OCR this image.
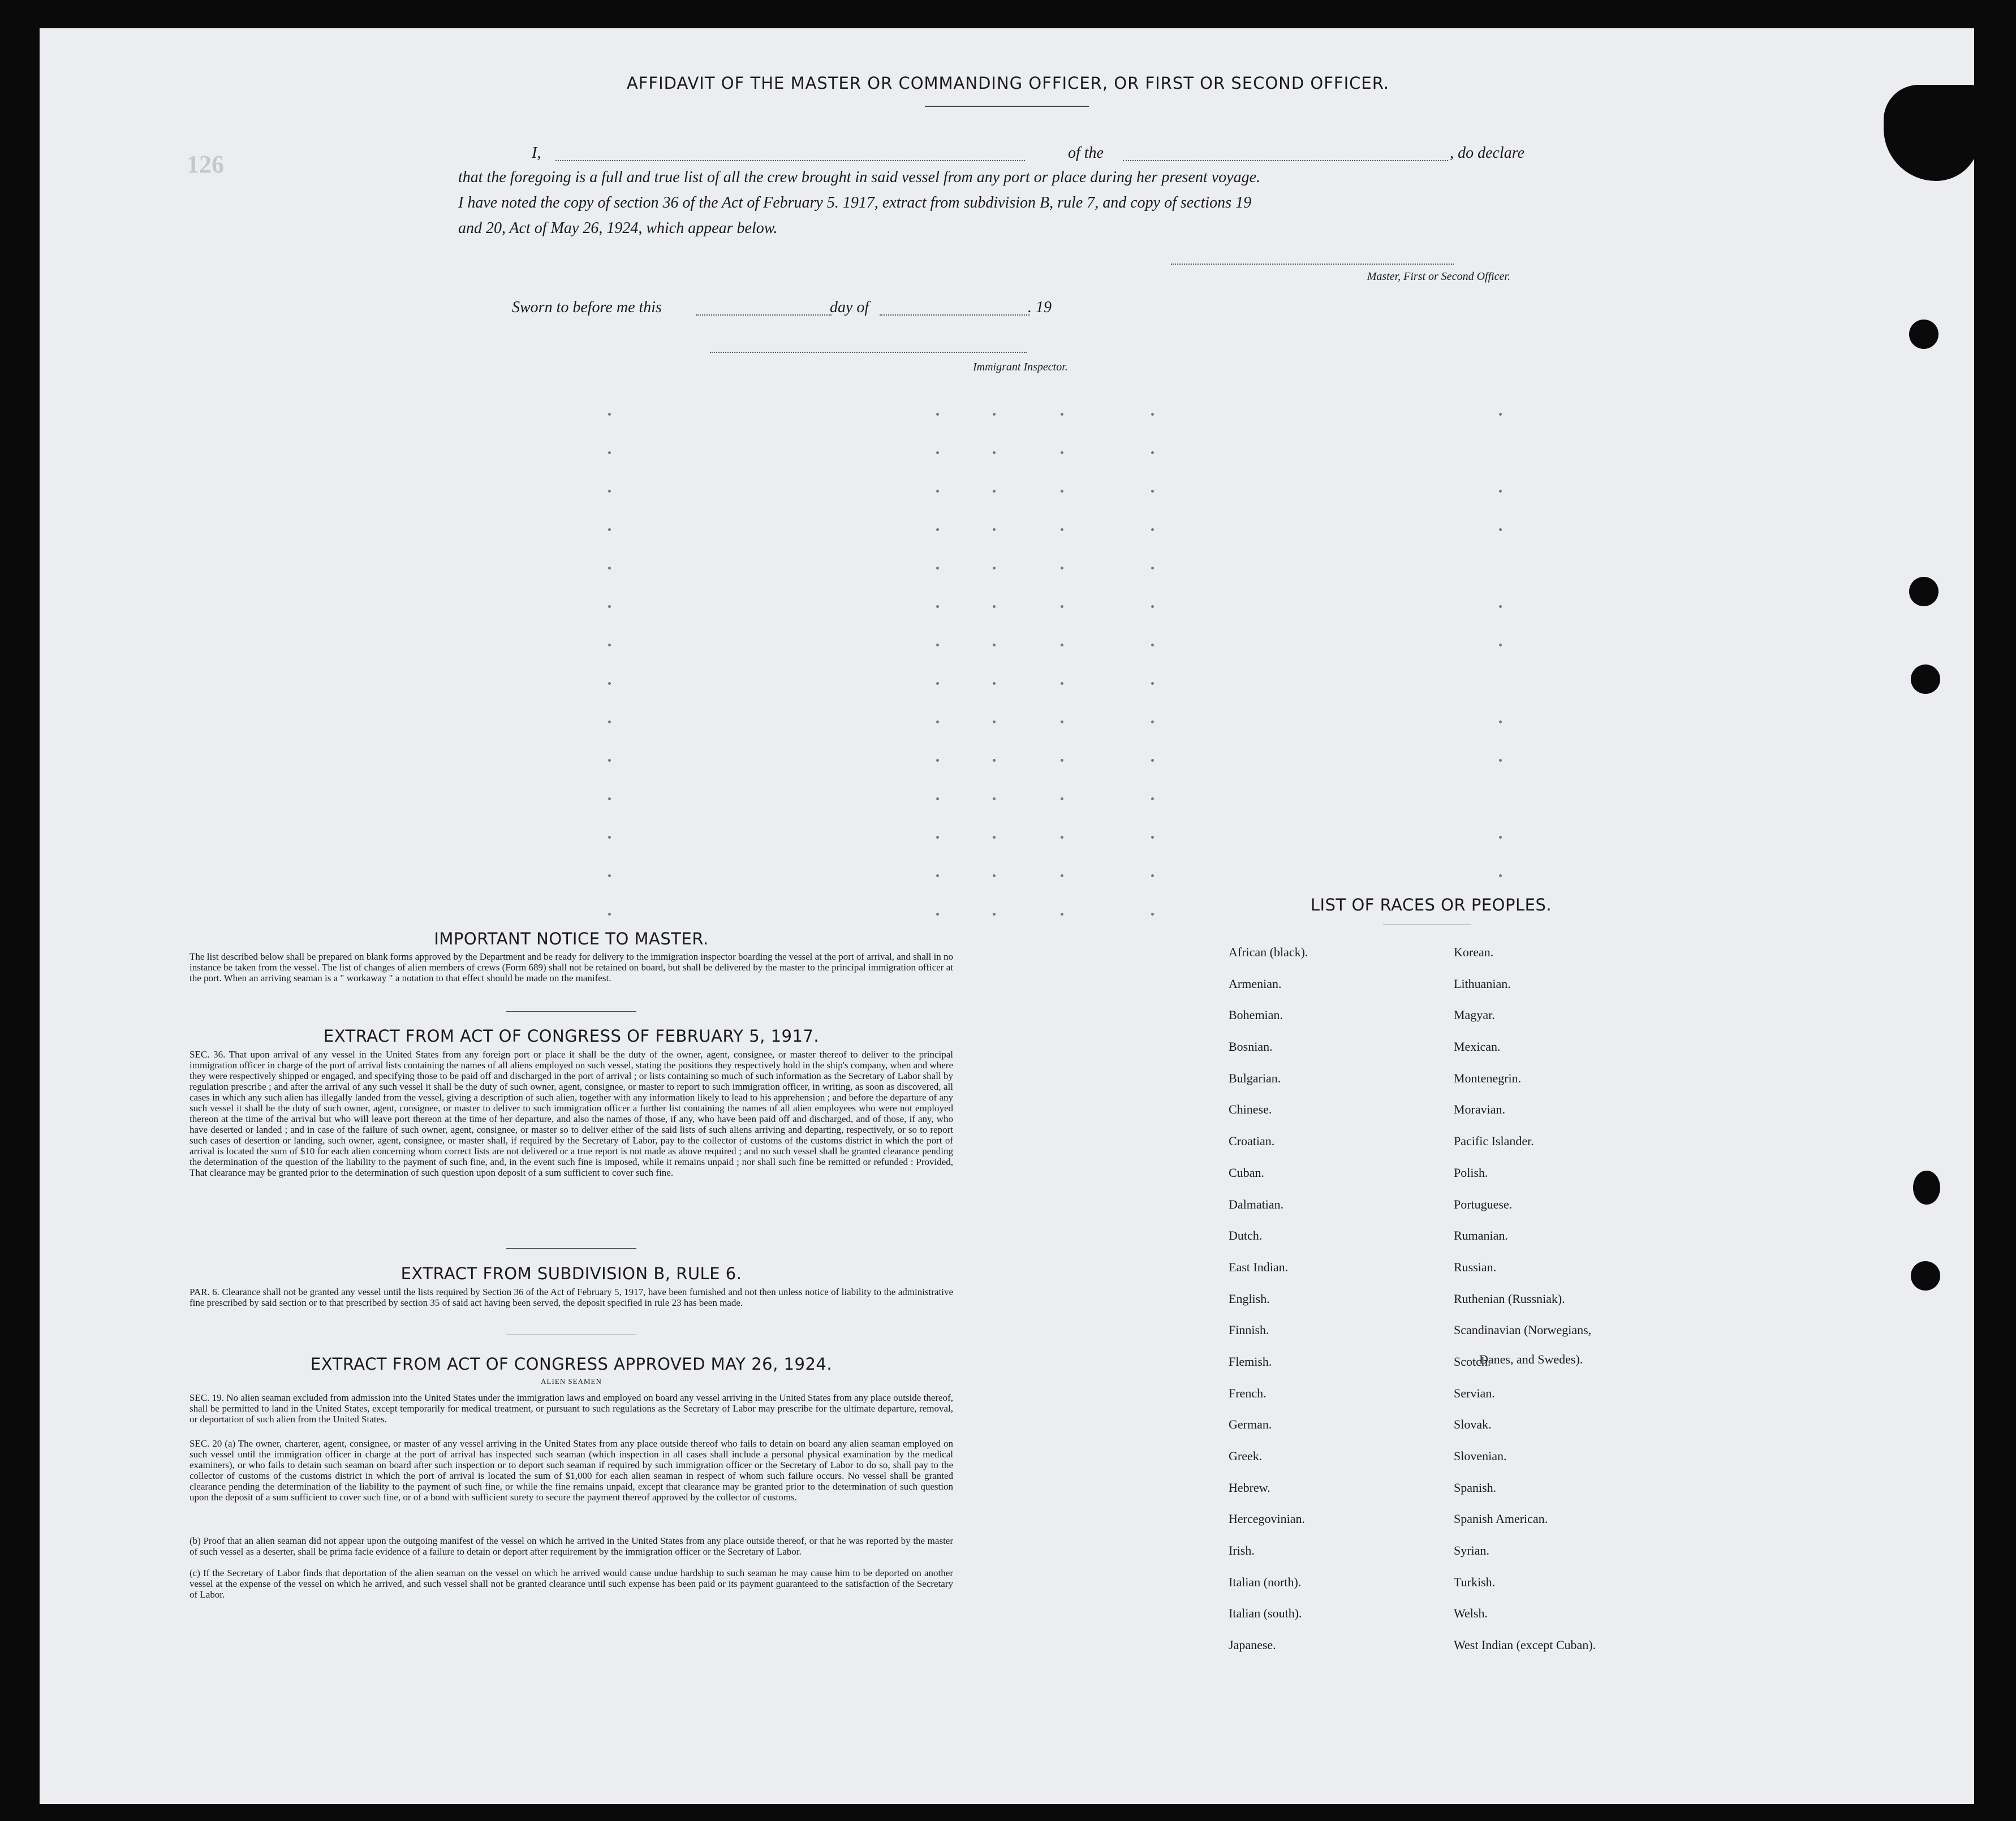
126
AFFIDAVIT OF THE MASTER OR COMMANDING OFFICER, OR FIRST OR SECOND OFFICER.
I,	of the	, do declare
that the foregoing is a full and true list of all the crew brought in said vessel from any port or place during her present voyage.
I have noted the copy of section 36 of the Act of February 5. 1917, extract from subdivision B, rule 7, and copy of sections 19
and 20, Act of May 26, 1924, which appear below.
Master, First or Second Officer.
Sworn to before me this	day of	. 19
Immigrant Inspector.
IMPORTANT NOTICE TO MASTER.
The list described below shall be prepared on blank forms approved by the Department and be ready for delivery to the immigration inspector boarding the vessel at the port of arrival, and shall in no instance be taken from the vessel. The list of changes of alien members of crews (Form 689) shall not be retained on board, but shall be delivered by the master to the principal immigration officer at the port. When an arriving seaman is a " workaway " a notation to that effect should be made on the manifest.
EXTRACT FROM ACT OF CONGRESS OF FEBRUARY 5, 1917.
SEC. 36. That upon arrival of any vessel in the United States from any foreign port or place it shall be the duty of the owner, agent, consignee, or master thereof to deliver to the principal immigration officer in charge of the port of arrival lists containing the names of all aliens employed on such vessel, stating the positions they respectively hold in the ship's company, when and where they were respectively shipped or engaged, and specifying those to be paid off and discharged in the port of arrival ; or lists containing so much of such information as the Secretary of Labor shall by regulation prescribe ; and after the arrival of any such vessel it shall be the duty of such owner, agent, consignee, or master to report to such immigration officer, in writing, as soon as discovered, all cases in which any such alien has illegally landed from the vessel, giving a description of such alien, together with any information likely to lead to his apprehension ; and before the departure of any such vessel it shall be the duty of such owner, agent, consignee, or master to deliver to such immigration officer a further list containing the names of all alien employees who were not employed thereon at the time of the arrival but who will leave port thereon at the time of her departure, and also the names of those, if any, who have been paid off and discharged, and of those, if any, who have deserted or landed ; and in case of the failure of such owner, agent, consignee, or master so to deliver either of the said lists of such aliens arriving and departing, respectively, or so to report such cases of desertion or landing, such owner, agent, consignee, or master shall, if required by the Secretary of Labor, pay to the collector of customs of the customs district in which the port of arrival is located the sum of $10 for each alien concerning whom correct lists are not delivered or a true report is not made as above required ; and no such vessel shall be granted clearance pending the determination of the question of the liability to the payment of such fine, and, in the event such fine is imposed, while it remains unpaid ; nor shall such fine be remitted or refunded : Provided, That clearance may be granted prior to the determination of such question upon deposit of a sum sufficient to cover such fine.
EXTRACT FROM SUBDIVISION B, RULE 6.
PAR. 6. Clearance shall not be granted any vessel until the lists required by Section 36 of the Act of February 5, 1917, have been furnished and not then unless notice of liability to the administrative fine prescribed by said section or to that prescribed by section 35 of said act having been served, the deposit specified in rule 23 has been made.
EXTRACT FROM ACT OF CONGRESS APPROVED MAY 26, 1924.
ALIEN SEAMEN
SEC. 19. No alien seaman excluded from admission into the United States under the immigration laws and employed on board any vessel arriving in the United States from any place outside thereof, shall be permitted to land in the United States, except temporarily for medical treatment, or pursuant to such regulations as the Secretary of Labor may prescribe for the ultimate departure, removal, or deportation of such alien from the United States.
SEC. 20 (a) The owner, charterer, agent, consignee, or master of any vessel arriving in the United States from any place outside thereof who fails to detain on board any alien seaman employed on such vessel until the immigration officer in charge at the port of arrival has inspected such seaman (which inspection in all cases shall include a personal physical examination by the medical examiners), or who fails to detain such seaman on board after such inspection or to deport such seaman if required by such immigration officer or the Secretary of Labor to do so, shall pay to the collector of customs of the customs district in which the port of arrival is located the sum of $1,000 for each alien seaman in respect of whom such failure occurs. No vessel shall be granted clearance pending the determination of the liability to the payment of such fine, or while the fine remains unpaid, except that clearance may be granted prior to the determination of such question upon the deposit of a sum sufficient to cover such fine, or of a bond with sufficient surety to secure the payment thereof approved by the collector of customs.
(b) Proof that an alien seaman did not appear upon the outgoing manifest of the vessel on which he arrived in the United States from any place outside thereof, or that he was reported by the master of such vessel as a deserter, shall be prima facie evidence of a failure to detain or deport after requirement by the immigration officer or the Secretary of Labor.
(c) If the Secretary of Labor finds that deportation of the alien seaman on the vessel on which he arrived would cause undue hardship to such seaman he may cause him to be deported on another vessel at the expense of the vessel on which he arrived, and such vessel shall not be granted clearance until such expense has been paid or its payment guaranteed to the satisfaction of the Secretary of Labor.
LIST OF RACES OR PEOPLES.
African (black).
Armenian.
Bohemian.
Bosnian.
Bulgarian.
Chinese.
Croatian.
Cuban.
Dalmatian.
Dutch.
East Indian.
English.
Finnish.
Flemish.
French.
German.
Greek.
Hebrew.
Hercegovinian.
Irish.
Italian (north).
Italian (south).
Japanese.
Korean.
Lithuanian.
Magyar.
Mexican.
Montenegrin.
Moravian.
Pacific Islander.
Polish.
Portuguese.
Rumanian.
Russian.
Ruthenian (Russniak).
Scandinavian (Norwegians,
Danes, and Swedes).
Scotch.
Servian.
Slovak.
Slovenian.
Spanish.
Spanish American.
Syrian.
Turkish.
Welsh.
West Indian (except Cuban).
